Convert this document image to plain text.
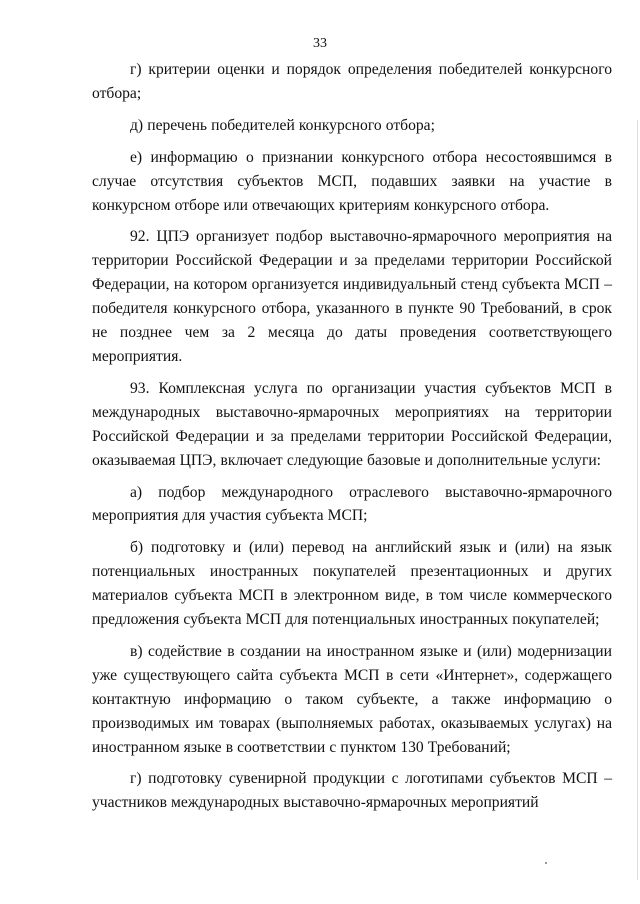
33

г) критерии оценки и порядок определения победителей конкурсного отбора;

д) перечень победителей конкурсного отбора;

е) информацию о признании конкурсного отбора несостоявшимся в случае отсутствия субъектов МСП, подавших заявки на участие в конкурсном отборе или отвечающих критериям конкурсного отбора.

92. ЦПЭ организует подбор выставочно-ярмарочного мероприятия на территории Российской Федерации и за пределами территории Российской Федерации, на котором организуется индивидуальный стенд субъекта МСП – победителя конкурсного отбора, указанного в пункте 90 Требований, в срок не позднее чем за 2 месяца до даты проведения соответствующего мероприятия.

93. Комплексная услуга по организации участия субъектов МСП в международных выставочно-ярмарочных мероприятиях на территории Российской Федерации и за пределами территории Российской Федерации, оказываемая ЦПЭ, включает следующие базовые и дополнительные услуги:

а) подбор международного отраслевого выставочно-ярмарочного мероприятия для участия субъекта МСП;

б) подготовку и (или) перевод на английский язык и (или) на язык потенциальных иностранных покупателей презентационных и других материалов субъекта МСП в электронном виде, в том числе коммерческого предложения субъекта МСП для потенциальных иностранных покупателей;

в) содействие в создании на иностранном языке и (или) модернизации уже существующего сайта субъекта МСП в сети «Интернет», содержащего контактную информацию о таком субъекте, а также информацию о производимых им товарах (выполняемых работах, оказываемых услугах) на иностранном языке в соответствии с пунктом 130 Требований;

г) подготовку сувенирной продукции с логотипами субъектов МСП – участников международных выставочно-ярмарочных мероприятий
